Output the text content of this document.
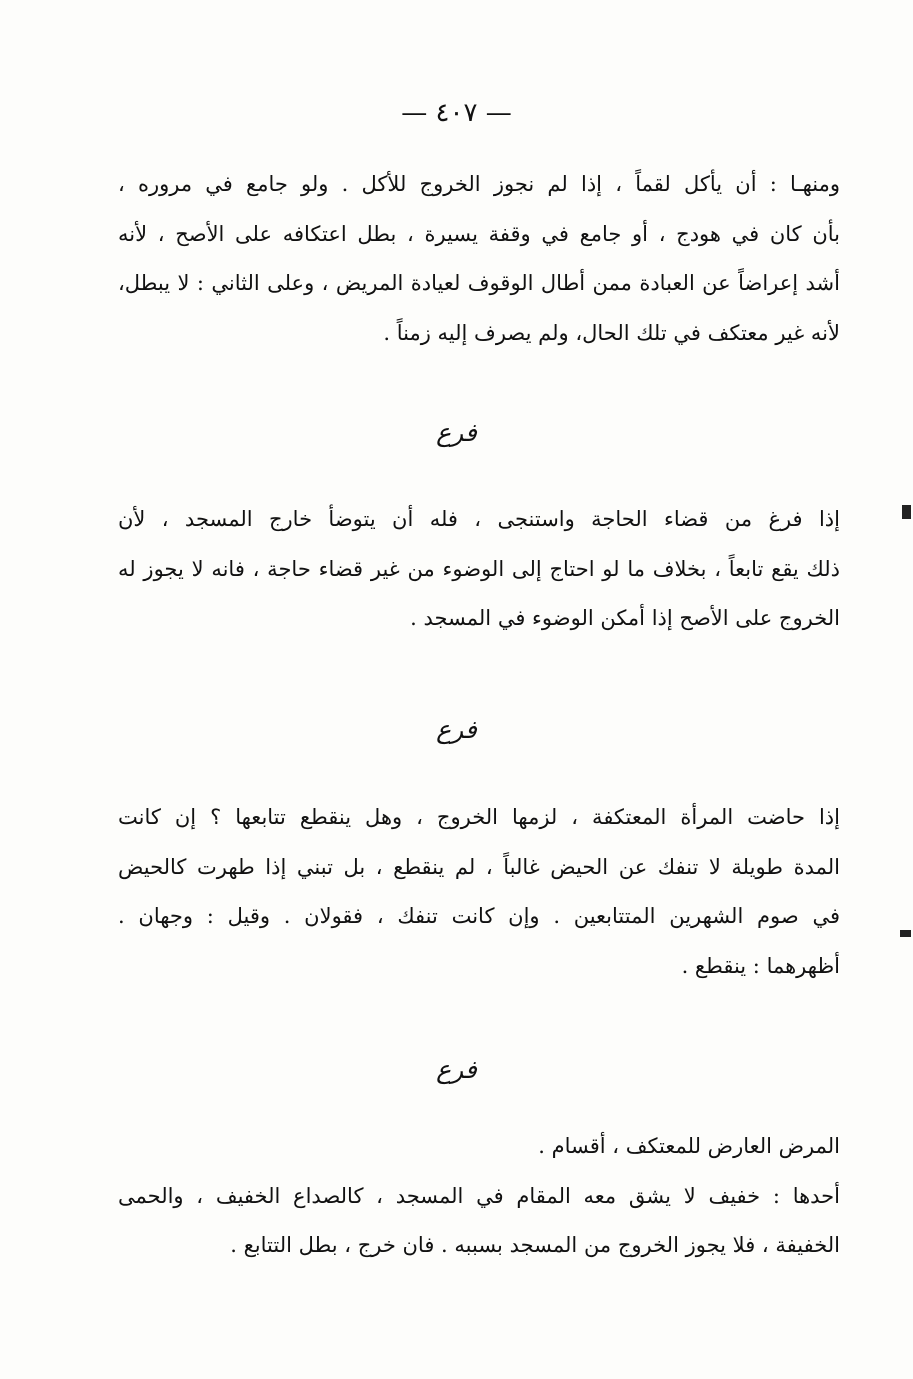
— ٤٠٧ —
ومنهـا : أن يأكل لقماً ، إذا لم نجوز الخروج للأكل . ولو جامع في مروره ،
بأن كان في هودج ، أو جامع في وقفة يسيرة ، بطل اعتكافه على الأصح ، لأنه
أشد إعراضاً عن العبادة ممن أطال الوقوف لعيادة المريض ، وعلى الثاني : لا يبطل،
لأنه غير معتكف في تلك الحال، ولم يصرف إليه زمناً .
فرع
إذا فرغ من قضاء الحاجة واستنجى ، فله أن يتوضأ خارج المسجد ، لأن
ذلك يقع تابعاً ، بخلاف ما لو احتاج إلى الوضوء من غير قضاء حاجة ، فانه لا يجوز له
الخروج على الأصح إذا أمكن الوضوء في المسجد .
فرع
إذا حاضت المرأة المعتكفة ، لزمها الخروج ، وهل ينقطع تتابعها ؟ إن كانت
المدة طويلة لا تنفك عن الحيض غالباً ، لم ينقطع ، بل تبني إذا طهرت كالحيض
في صوم الشهرين المتتابعين . وإن كانت تنفك ، فقولان . وقيل : وجهان .
أظهرهما : ينقطع .
فرع
المرض العارض للمعتكف ، أقسام .
أحدها : خفيف لا يشق معه المقام في المسجد ، كالصداع الخفيف ، والحمى
الخفيفة ، فلا يجوز الخروج من المسجد بسببه . فان خرج ، بطل التتابع .
